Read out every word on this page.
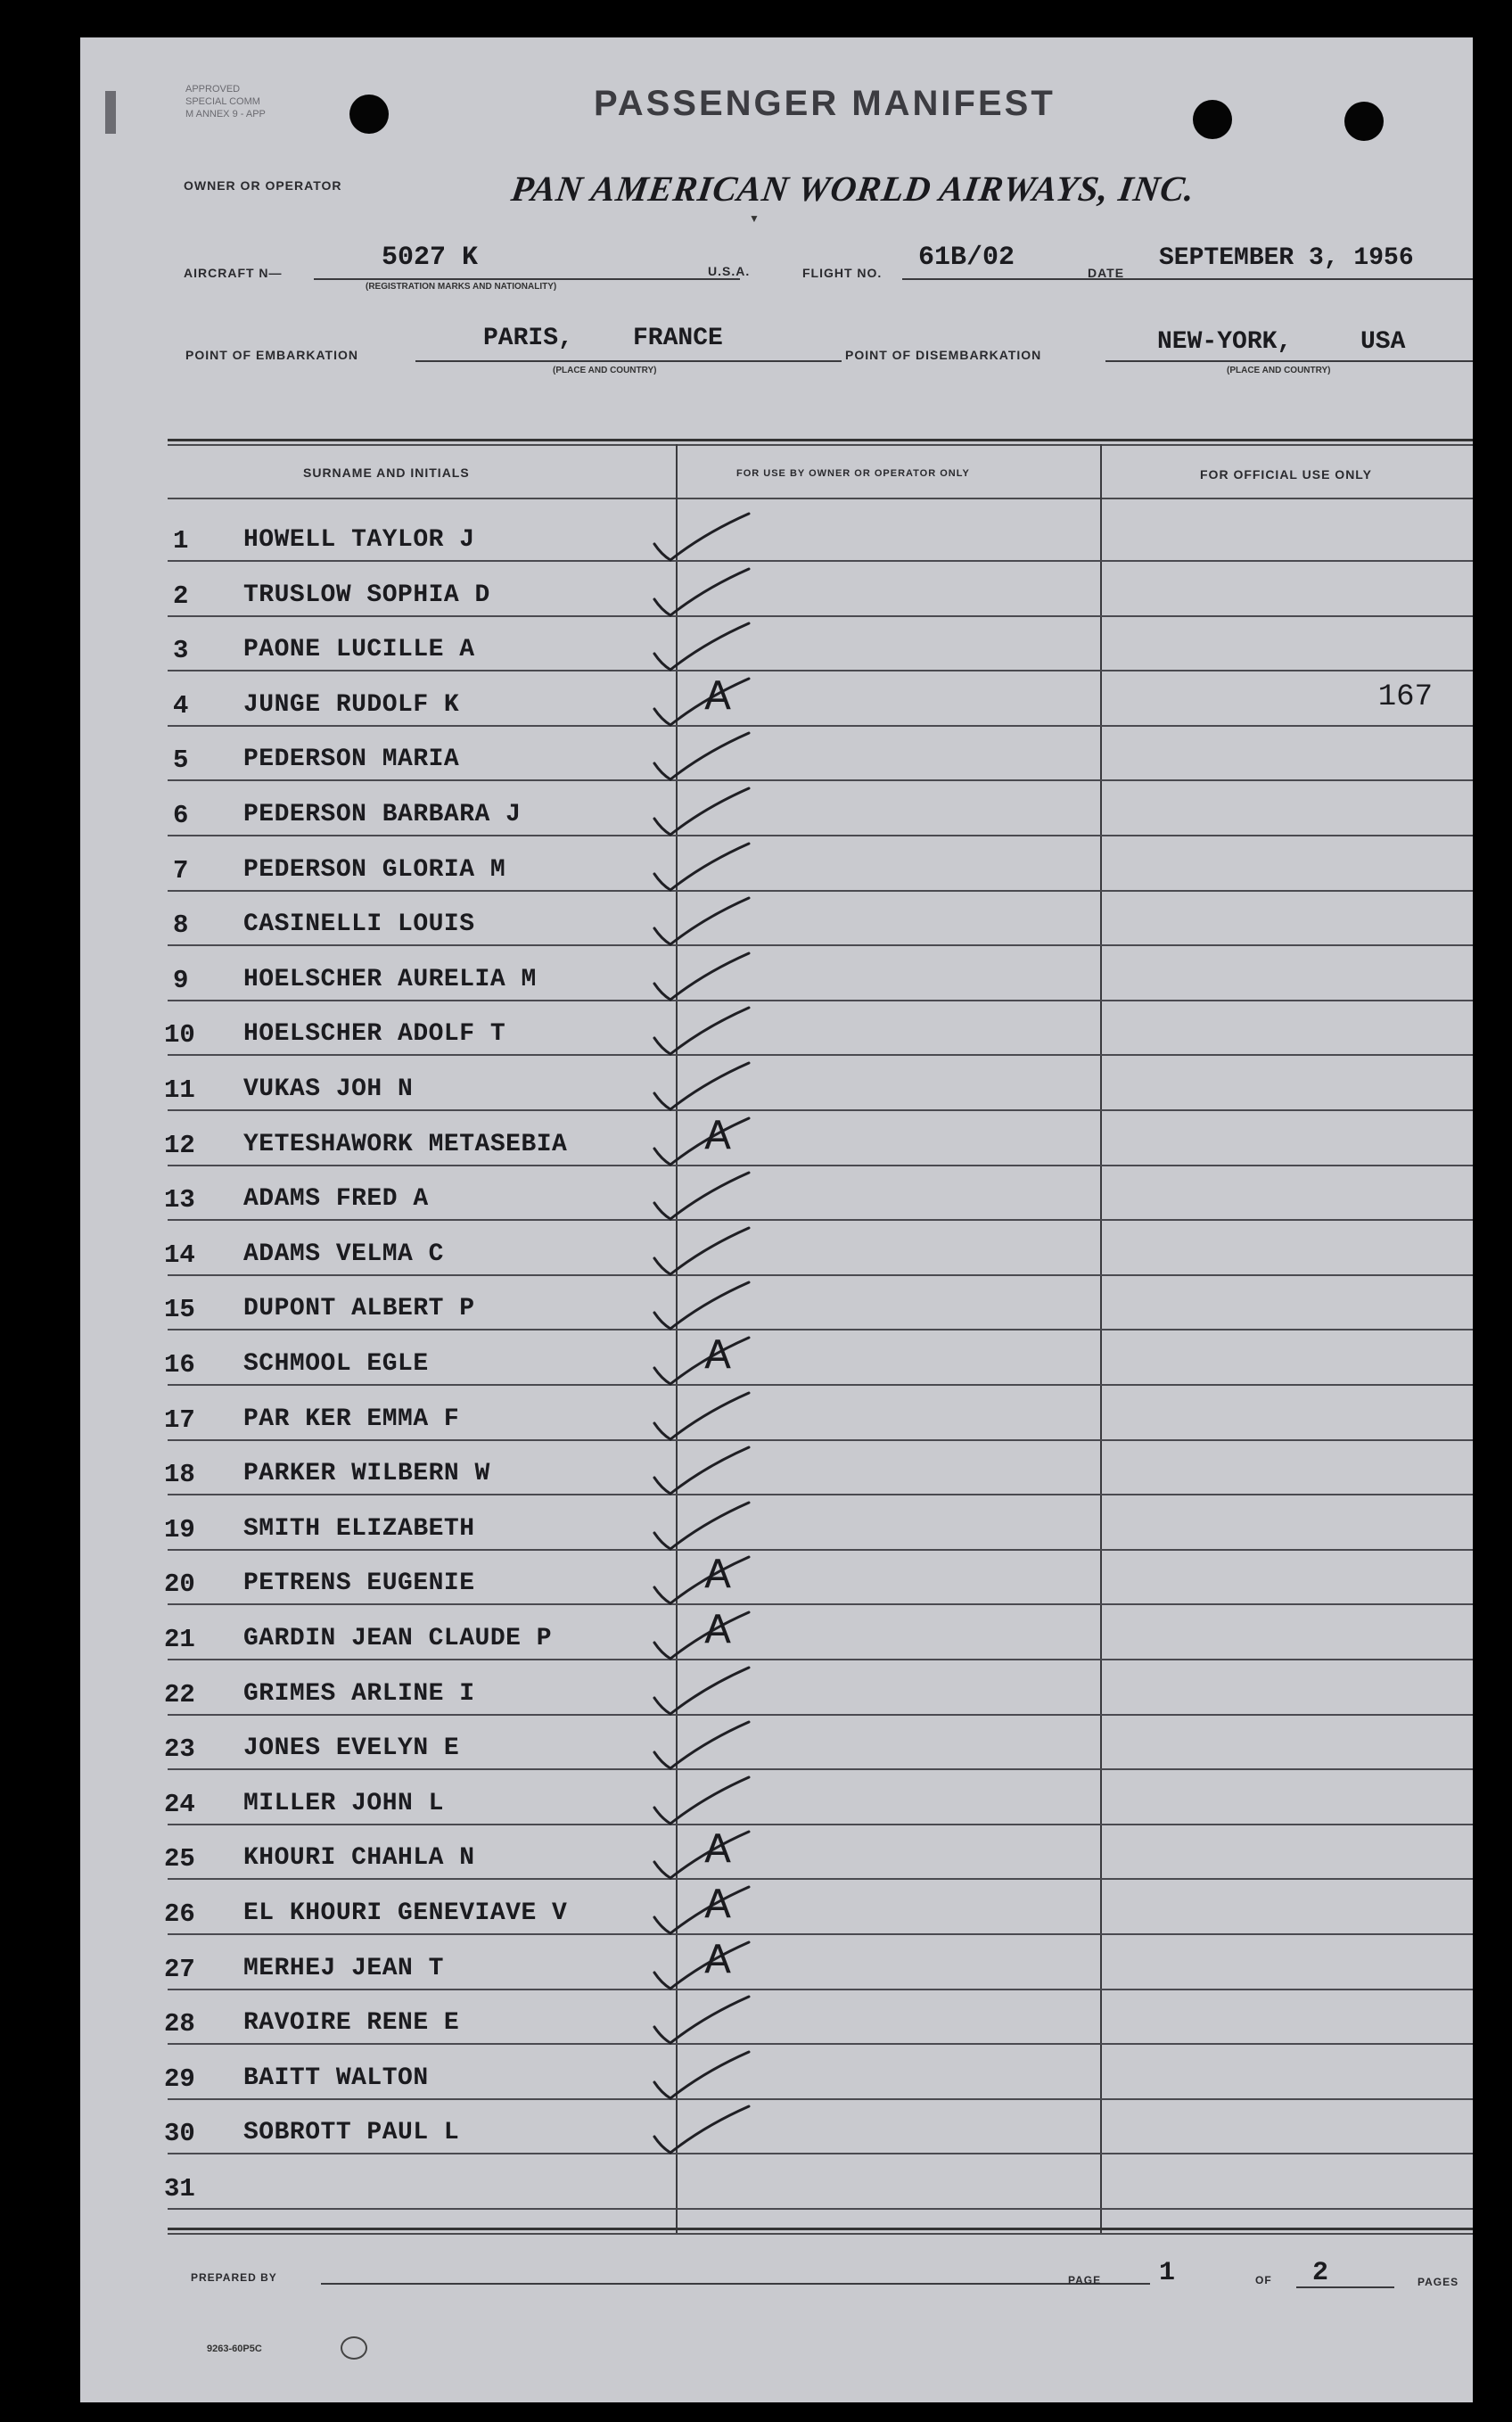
APPROVED
SPECIAL COMM
M ANNEX 9 - APP	PASSENGER MANIFEST
OWNER OR OPERATOR	PAN AMERICAN WORLD AIRWAYS, INC.
▼
AIRCRAFT N—	5027 K
(REGISTRATION MARKS AND NATIONALITY)
U.S.A.	FLIGHT NO. 61B/02	DATE
SEPTEMBER 3, 1956
POINT OF EMBARKATION
PARIS, FRANCE
(PLACE AND COUNTRY)
POINT OF DISEMBARKATION	NEW-YORK,	USA
(PLACE AND COUNTRY)
SURNAME AND INITIALS	FOR USE BY OWNER OR OPERATOR ONLY	FOR OFFICIAL USE ONLY
1	HOWELL TAYLOR J
2	TRUSLOW SOPHIA D
3	PAONE LUCILLE A
4	JUNGE RUDOLF K	A	167
5	PEDERSON MARIA
6	PEDERSON BARBARA J
7	PEDERSON GLORIA M
8	CASINELLI LOUIS
9	HOELSCHER AURELIA M
10	HOELSCHER ADOLF T
11	VUKAS JOH N
12	YETESHAWORK METASEBIA	A
13	ADAMS FRED A
14	ADAMS VELMA C
15	DUPONT ALBERT P
16	SCHMOOL EGLE	A
17	PAR KER EMMA F
18	PARKER WILBERN W
19	SMITH ELIZABETH
20	PETRENS EUGENIE	A
21	GARDIN JEAN CLAUDE P	A
22	GRIMES ARLINE I
23	JONES EVELYN E
24	MILLER JOHN L
25	KHOURI CHAHLA N	A
26	EL KHOURI GENEVIAVE V	A
27	MERHEJ JEAN T	A
28	RAVOIRE RENE E
29	BAITT WALTON
30	SOBROTT PAUL L
31
PREPARED BY	PAGE 1	OF 2	PAGES
9263-60P5C
